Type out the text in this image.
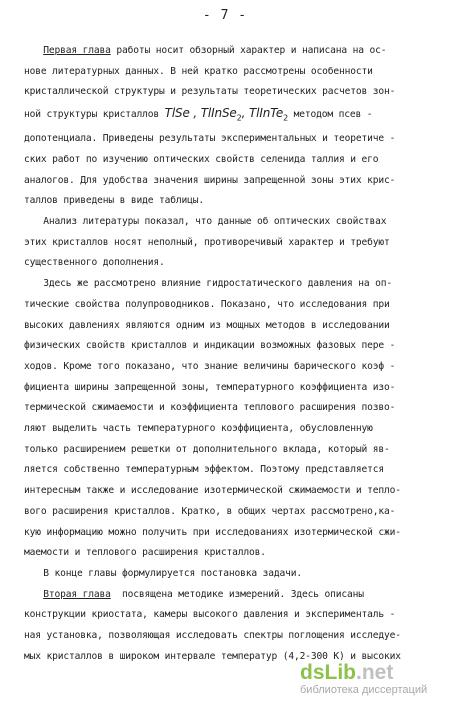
- 7 -
Первая глава работы носит обзорный характер и написана на ос-
нове литературных данных. В ней кратко рассмотрены особенности
кристаллической структуры и результаты теоретических расчетов зон-
ной структуры кристаллов TlSe , TlInSe$_2$, TlInTe$_2$ методом псев -
допотенциала. Приведены результаты экспериментальных и теоретиче -
ских работ по изучению оптических свойств селенида таллия и его
аналогов. Для удобства значения ширины запрещенной зоны этих крис-
таллов приведены в виде таблицы.
Анализ литературы показал, что данные об оптических свойствах
этих кристаллов носят неполный, противоречивый характер и требуют
существенного дополнения.
Здесь же рассмотрено влияние гидростатического давления на оп-
тические свойства полупроводников. Показано, что исследования при
высоких давлениях являются одним из мощных методов в исследовании
физических свойств кристаллов и индикации возможных фазовых пере -
ходов. Кроме того показано, что знание величины барического коэф -
фициента ширины запрещенной зоны, температурного коэффициента изо-
термической сжимаемости и коэффициента теплового расширения позво-
ляют выделить часть температурного коэффициента, обусловленную
только расширением решетки от дополнительного вклада, который яв-
ляется собственно температурным эффектом. Поэтому представляется
интересным также и исследование изотермической сжимаемости и тепло-
вого расширения кристаллов. Кратко, в общих чертах рассмотрено,ка-
кую информацию можно получить при исследованиях изотермической сжи-
маемости и теплового расширения кристаллов.
В конце главы формулируется постановка задачи.
Вторая глава  посвящена методике измерений. Здесь описаны
конструкции криостата, камеры высокого давления и эксперименталь -
ная установка, позволяющая исследовать спектры поглощения исследуе-
мых кристаллов в широком интервале температур (4,2-300 К) и высоких
dsLib.net
библиотека диссертаций
